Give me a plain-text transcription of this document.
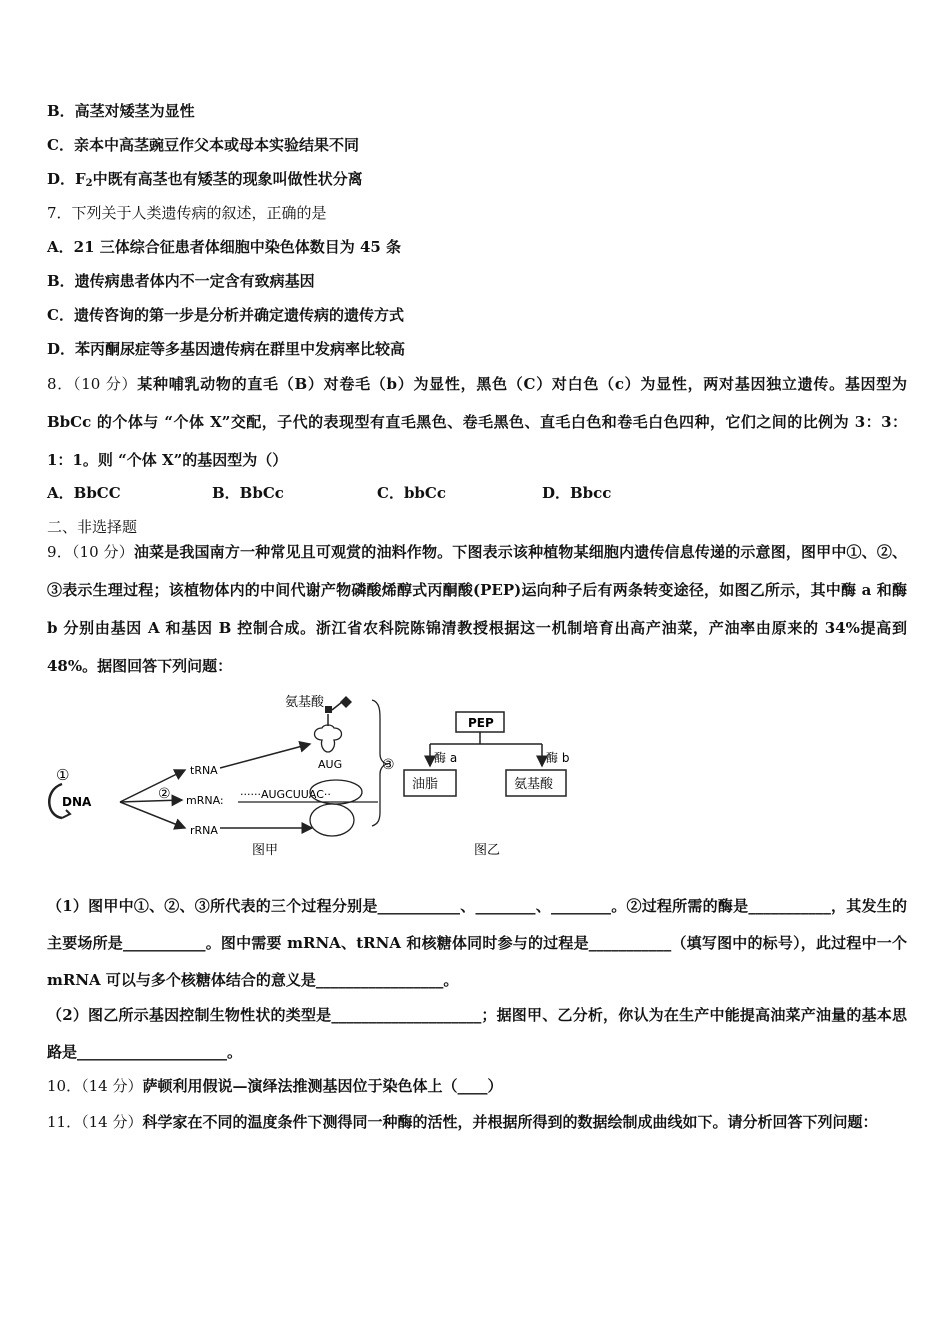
B．高茎对矮茎为显性
C．亲本中高茎豌豆作父本或母本实验结果不同
D．$F_2$中既有高茎也有矮茎的现象叫做性状分离
7．下列关于人类遗传病的叙述，正确的是
A．21 三体综合征患者体细胞中染色体数目为 45 条
B．遗传病患者体内不一定含有致病基因
C．遗传咨询的第一步是分析并确定遗传病的遗传方式
D．苯丙酮尿症等多基因遗传病在群里中发病率比较高
8．（10 分）某种哺乳动物的直毛（B）对卷毛（b）为显性，黑色（C）对白色（c）为显性，两对基因独立遗传。基因型为 BbCc 的个体与 “个体 X”交配，子代的表现型有直毛黑色、卷毛黑色、直毛白色和卷毛白色四种，它们之间的比例为 3：3：1：1。则 “个体 X”的基因型为（）
A．BbCC	B．BbCc	C．bbCc	D．Bbcc
二、非选择题
9．（10 分）油菜是我国南方一种常见且可观赏的油料作物。下图表示该种植物某细胞内遗传信息传递的示意图，图甲中①、②、③表示生理过程；该植物体内的中间代谢产物磷酸烯醇式丙酮酸(PEP)运向种子后有两条转变途径，如图乙所示，其中酶 a 和酶 b 分别由基因 A 和基因 B 控制合成。浙江省农科院陈锦清教授根据这一机制培育出高产油菜，产油率由原来的 34%提高到 48%。据图回答下列问题：
氨基酸
AUG
①
DNA	②
tRNA
mRNA:
rRNA
······AUGCUUAC··
③
图甲
PEP
酶 a	酶 b
油脂	氨基酸
图乙
（1）图甲中①、②、③所代表的三个过程分别是___________、________、________。②过程所需的酶是___________，其发生的主要场所是___________。图中需要 mRNA、tRNA 和核糖体同时参与的过程是___________（填写图中的标号），此过程中一个 mRNA 可以与多个核糖体结合的意义是_________________。
（2）图乙所示基因控制生物性状的类型是____________________；据图甲、乙分析，你认为在生产中能提高油菜产油量的基本思路是____________________。
10．（14 分）萨顿利用假说—演绎法推测基因位于染色体上（____）
11．（14 分）科学家在不同的温度条件下测得同一种酶的活性，并根据所得到的数据绘制成曲线如下。请分析回答下列问题：
